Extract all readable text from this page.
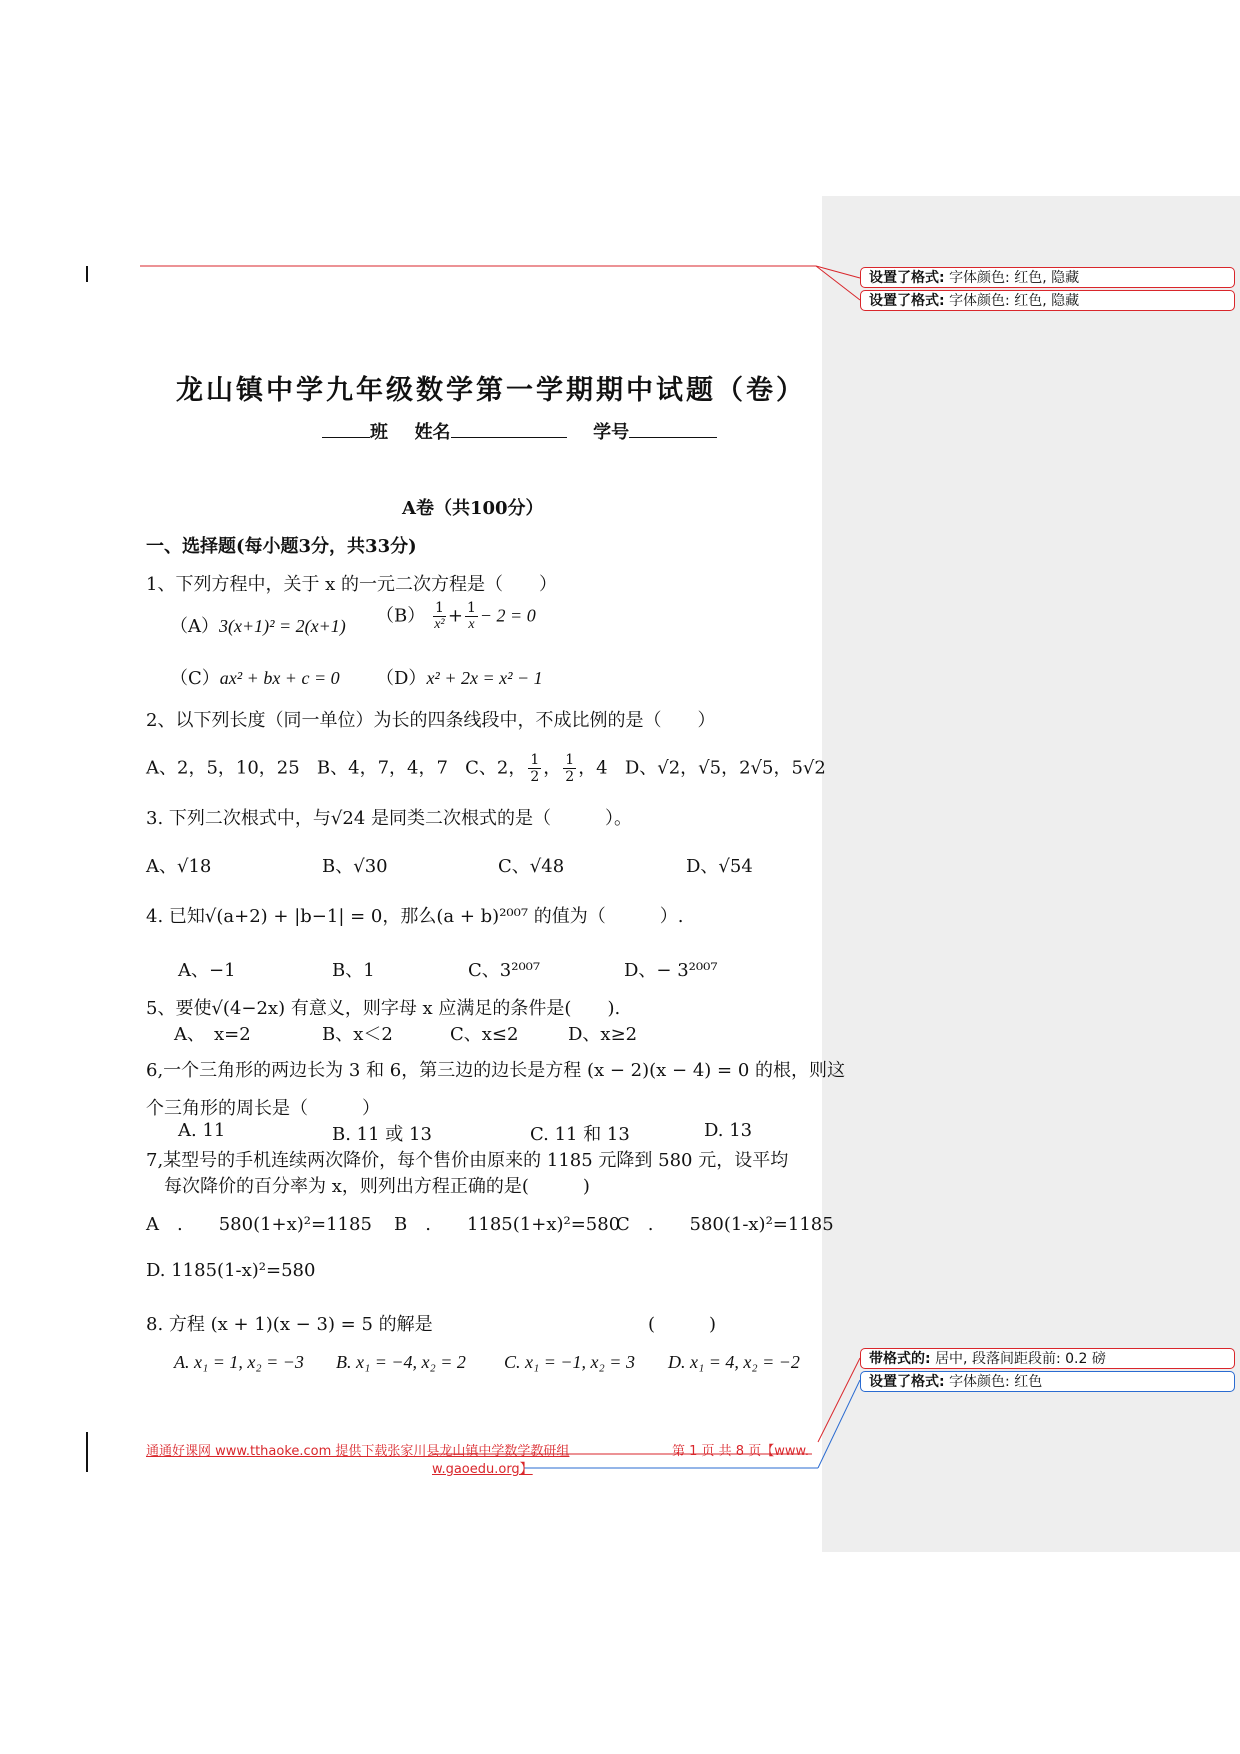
设置了格式: 字体颜色: 红色, 隐藏
设置了格式: 字体颜色: 红色, 隐藏
带格式的: 居中, 段落间距段前: 0.2 磅
设置了格式: 字体颜色: 红色
龙山镇中学九年级数学第一学期期中试题（卷）
班 姓名	学号
A卷（共100分）
一、选择题(每小题3分，共33分)
1、下列方程中，关于 x 的一元二次方程是（　　）
（A）3(x+1)² = 2(x+1) $(B) \frac{1}{\text{x²}} + \frac{1}{x} - 2 = 0$
（C）ax² + bx + c = 0 （D）x² + 2x = x² − 1
2、以下列长度（同一单位）为长的四条线段中，不成比例的是（　　）
A、2，5，10，25 B、4，7，4，7 C、2， $\frac{1}{2}$ ， $\frac{1}{2}$ ，4 D、√2，√5，2√5，5√2
3. 下列二次根式中，与√24 是同类二次根式的是（　　　）。
A、√18	B、√30	C、√48	D、√54
4. 已知√(a+2) + |b−1| = 0，那么(a + b)²⁰⁰⁷ 的值为（　　　）.
A、−1	B、1	C、3²⁰⁰⁷	D、− 3²⁰⁰⁷
5、要使√(4−2x) 有意义，则字母 x 应满足的条件是(　　).
A、　x=2	B、x＜2	C、x≤2	D、x≥2
6,一个三角形的两边长为 3 和 6，第三边的边长是方程 (x − 2)(x − 4) = 0 的根，则这
个三角形的周长是（　　　）
A. 11	B. 11 或 13	C. 11 和 13	D. 13
7,某型号的手机连续两次降价，每个售价由原来的 1185 元降到 580 元，设平均
每次降价的百分率为 x，则列出方程正确的是(　　　)
A　.　　580(1+x)²=1185 B　.　　1185(1+x)²=580
C　.　　580(1-x)²=1185
D. 1185(1-x)²=580
8. 方程 (x + 1)(x − 3) = 5 的解是	(　　　)
A. x₁ = 1, x₂ = −3 B. x₁ = −4, x₂ = 2 C. x₁ = −1, x₂ = 3 D. x₁ = 4, x₂ = −2
通通好课网 www.tthaoke.com 提供下载张家川县龙山镇中学数学教研组	第 1 页 共 8 页【www.
w.gaoedu.org】
